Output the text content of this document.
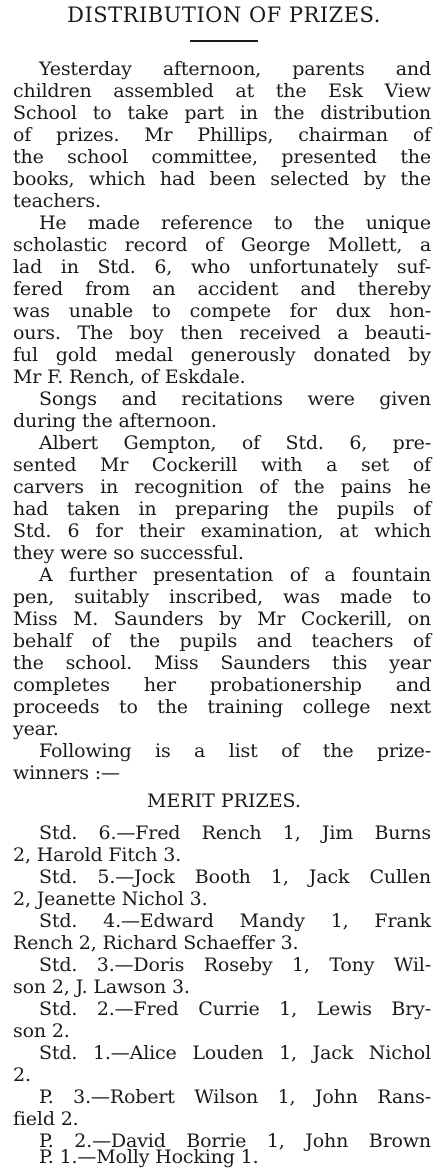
DISTRIBUTION OF PRIZES.
Yesterday afternoon, parents and
children assembled at the Esk View
School to take part in the distribution
of prizes. Mr Phillips, chairman of
the school committee, presented the
books, which had been selected by the
teachers.
He made reference to the unique
scholastic record of George Mollett, a
lad in Std. 6, who unfortunately suf-
fered from an accident and thereby
was unable to compete for dux hon-
ours. The boy then received a beauti-
ful gold medal generously donated by
Mr F. Rench, of Eskdale.
Songs and recitations were given
during the afternoon.
Albert Gempton, of Std. 6, pre-
sented Mr Cockerill with a set of
carvers in recognition of the pains he
had taken in preparing the pupils of
Std. 6 for their examination, at which
they were so successful.
A further presentation of a fountain
pen, suitably inscribed, was made to
Miss M. Saunders by Mr Cockerill, on
behalf of the pupils and teachers of
the school. Miss Saunders this year
completes her probationership and
proceeds to the training college next
year.
Following is a list of the prize-
winners :—
MERIT PRIZES.
Std. 6.—Fred Rench 1, Jim Burns
2, Harold Fitch 3.
Std. 5.—Jock Booth 1, Jack Cullen
2, Jeanette Nichol 3.
Std. 4.—Edward Mandy 1, Frank
Rench 2, Richard Schaeffer 3.
Std. 3.—Doris Roseby 1, Tony Wil-
son 2, J. Lawson 3.
Std. 2.—Fred Currie 1, Lewis Bry-
son 2.
Std. 1.—Alice Louden 1, Jack Nichol
2.
P. 3.—Robert Wilson 1, John Rans-
field 2.
P. 2.—David Borrie 1, John Brown
P. 1.—Molly Hocking 1.
